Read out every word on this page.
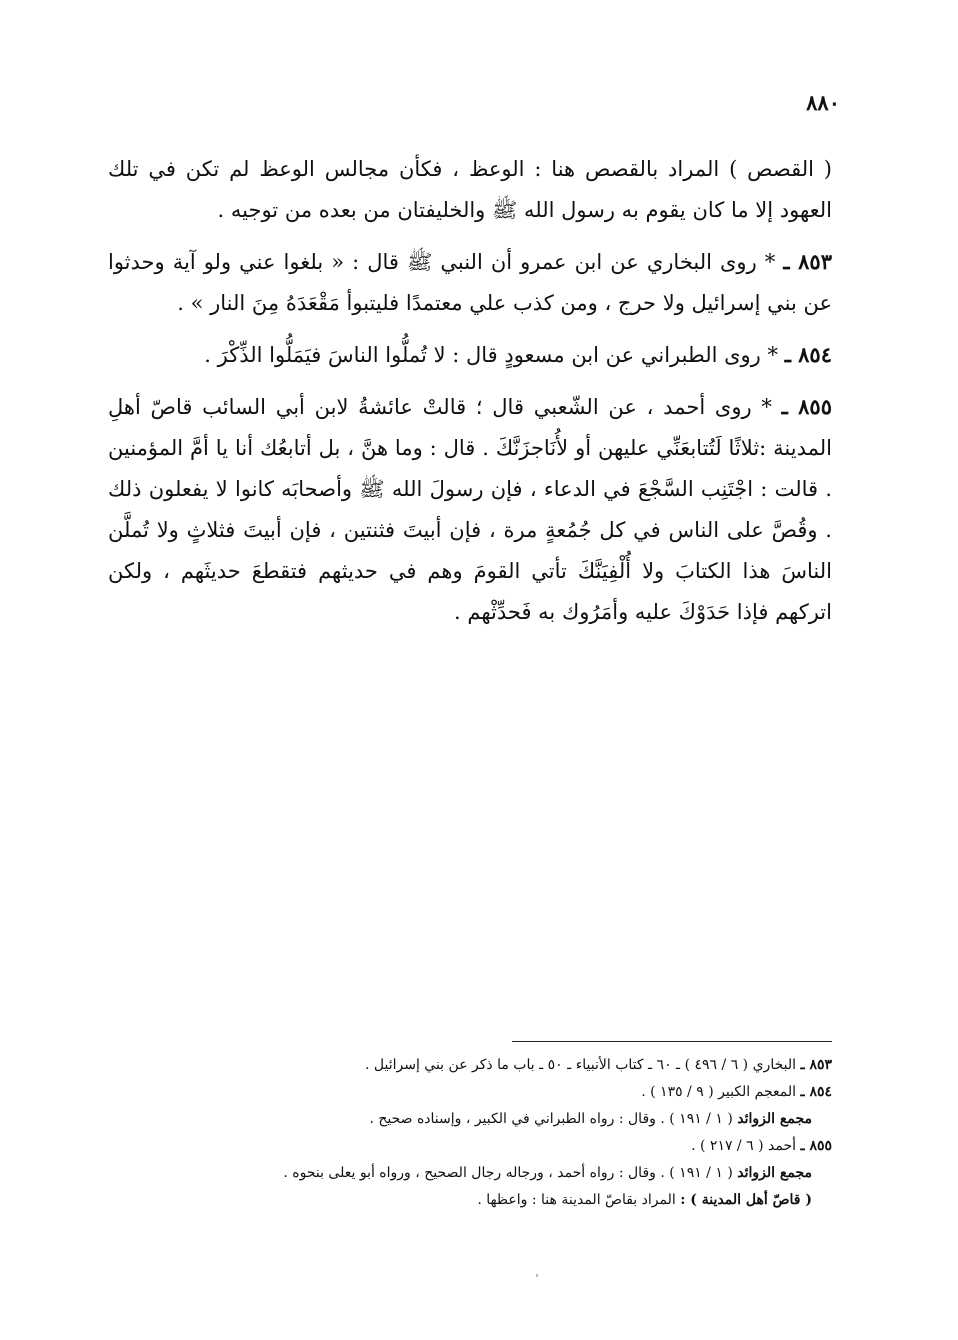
٨٨٠

( القصص ) المراد بالقصص هنا : الوعظ ، فكأن مجالس الوعظ لم تكن في تلك العهود إلا ما كان يقوم به رسول الله ﷺ والخليفتان من بعده من توجيه .

٨٥٣ ـ * روى البخاري عن ابن عمرو أن النبي ﷺ قال : « بلغوا عني ولو آية وحدثوا عن بني إسرائيل ولا حرج ، ومن كذب علي معتمدًا فليتبوأ مَقْعَدَهُ مِنَ النار » .

٨٥٤ ـ * روى الطبراني عن ابن مسعودٍ قال : لا تُملُّوا الناسَ فيَمَلُّوا الذِّكْرَ .

٨٥٥ ـ * روى أحمد ، عن الشّعبي قال ؛ قالتْ عائشةُ لابن أبي السائب قاصّ أهلِ المدينة :ثلاثًا لَتُتابعَنِّي عليهن أو لأُنَاجزَنَّكَ . قال : وما هنَّ ، بل أتابعُك أنا يا أمَّ المؤمنين . قالت : اجْتَنِب السَّجْعَ في الدعاء ، فإن رسولَ الله ﷺ وأصحابَه كانوا لا يفعلون ذلك . وقُصَّ على الناس في كل جُمُعةٍ مرة ، فإن أبيتَ فثنتين ، فإن أبيتَ فثلاثٍ ولا تُملَّن الناسَ هذا الكتابَ ولا أُلْفِيَنَّكَ تأتي القومَ وهم في حديثهم فتقطعَ حديثَهم ، ولكن اتركهم فإذا حَدَوْكَ عليه وأمَرُوك به فَحدِّثْهم .

٨٥٣ ـ البخاري ( ٦ / ٤٩٦ ) ـ ٦٠ ـ كتاب الأنبياء ـ ٥٠ ـ باب ما ذكر عن بني إسرائيل .

٨٥٤ ـ المعجم الكبير ( ٩ / ١٣٥ ) .

مجمع الزوائد ( ١ / ١٩١ ) . وقال : رواه الطبراني في الكبير ، وإسناده صحيح .

٨٥٥ ـ أحمد ( ٦ / ٢١٧ ) .

مجمع الزوائد ( ١ / ١٩١ ) . وقال : رواه أحمد ، ورجاله رجال الصحيح ، ورواه أبو يعلى بنحوه .

( قاصّ أهل المدينة ) : المراد بقاصّ المدينة هنا : واعظها .
